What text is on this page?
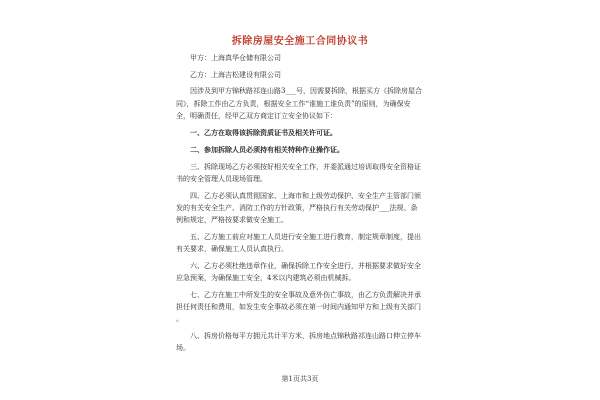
拆除房屋安全施工合同协议书
甲方：上海真华仓储有限公司
乙方：上海吉松建设有限公司
因涉及到甲方锦秋路祁连山路3___号，因需要拆除，根据买方《拆除房屋合
同》，拆除工作由乙方负责，根据安全工作“谁施工谁负责”的原则，为确保安
全，明确责任，经甲乙双方商定订立安全协议如下：
一、乙方在取得该拆除资质证书及相关许可证。
二、参加拆除人员必须持有相关特种作业操作证。
三、拆除现场乙方必须按好相关安全工作，并委派通过培训取得安全资格证
书的安全管理人员现场管理。
四、乙方必须认真贯彻国家、上海市和上级劳动保护、安全生产主管部门颁
发的有关安全生产、消防工作的方针政策，严格执行有关劳动保护___法规、条
例和规定，严格按要求做安全施工。
五、乙方施工前应对施工人员进行安全施工进行教育，制定规章制度，提出
有关要求，确保施工人员认真执行。
六、乙方必须杜绝违章作业，确保拆除工作安全进行，并根据要求做好安全
应急预案，为确保施工安全，4米以内建筑必须由机械拆。
七、乙方在施工中所发生的安全事故及意外伤亡事故，由乙方负责解决并承
担任何责任和费用，如发生安全事故必须在第一时间内通知甲方和上级有关部门
。
八、拆房价格每平方拥元共计平方米，拆房地点锦秋路祁连山路口伸立停车
场。
第1页共3页
